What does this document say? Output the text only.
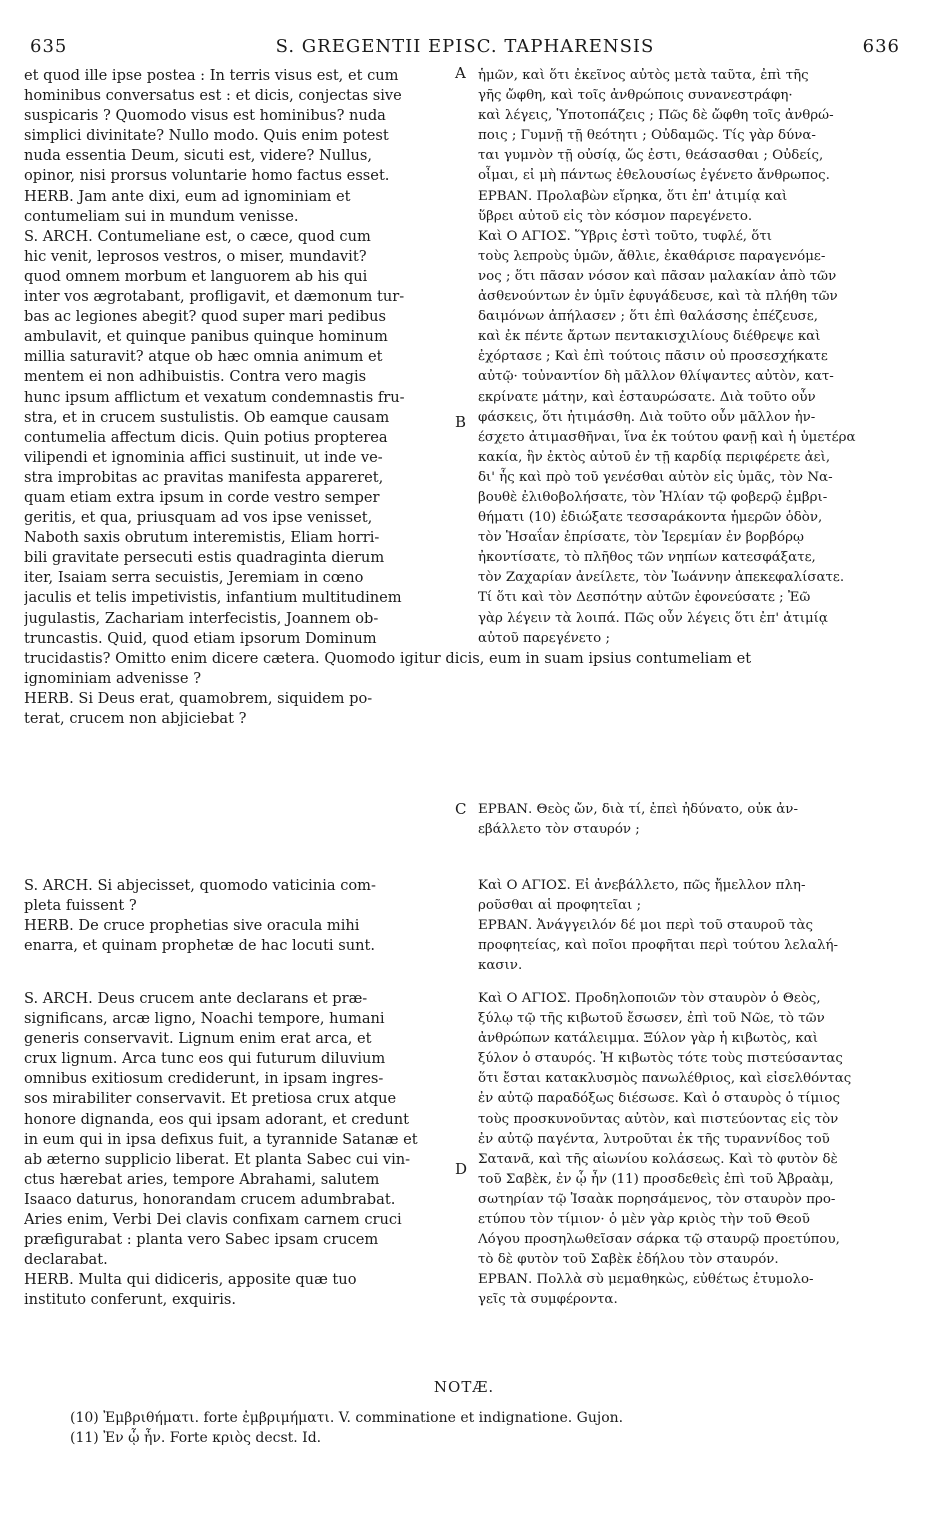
635	S. GREGENTII EPISC. TAPHARENSIS	636
A
B
C
D
et quod ille ipse postea : In terris visus est, et cum
hominibus conversatus est : et dicis, conjectas sive
suspicaris ? Quomodo visus est hominibus? nuda
simplici divinitate? Nullo modo. Quis enim potest
nuda essentia Deum, sicuti est, videre? Nullus,
opinor, nisi prorsus voluntarie homo factus esset.
HERB. Jam ante dixi, eum ad ignominiam et
contumeliam sui in mundum venisse.
S. ARCH. Contumeliane est, o cæce, quod cum
hic venit, leprosos vestros, o miser, mundavit?
quod omnem morbum et languorem ab his qui
inter vos ægrotabant, profligavit, et dæmonum tur-
bas ac legiones abegit? quod super mari pedibus
ambulavit, et quinque panibus quinque hominum
millia saturavit? atque ob hæc omnia animum et
mentem ei non adhibuistis. Contra vero magis
hunc ipsum afflictum et vexatum condemnastis fru-
stra, et in crucem sustulistis. Ob eamque causam
contumelia affectum dicis. Quin potius propterea
vilipendi et ignominia affici sustinuit, ut inde ve-
stra improbitas ac pravitas manifesta appareret,
quam etiam extra ipsum in corde vestro semper
geritis, et qua, priusquam ad vos ipse venisset,
Naboth saxis obrutum interemistis, Eliam horri-
bili gravitate persecuti estis quadraginta dierum
iter, Isaiam serra secuistis, Jeremiam in cœno
jaculis et telis impetivistis, infantium multitudinem
jugulastis, Zachariam interfecistis, Joannem ob-
truncastis. Quid, quod etiam ipsorum Dominum
trucidastis? Omitto enim dicere cætera. Quomodo igitur dicis, eum in suam ipsius contumeliam et
ignominiam advenisse ?
HERB. Si Deus erat, quamobrem, siquidem po-
terat, crucem non abjiciebat ?
S. ARCH. Si abjecisset, quomodo vaticinia com-
pleta fuissent ?
HERB. De cruce prophetias sive oracula mihi
enarra, et quinam prophetæ de hac locuti sunt.
S. ARCH. Deus crucem ante declarans et præ-
significans, arcæ ligno, Noachi tempore, humani
generis conservavit. Lignum enim erat arca, et
crux lignum. Arca tunc eos qui futurum diluvium
omnibus exitiosum crediderunt, in ipsam ingres-
sos mirabiliter conservavit. Et pretiosa crux atque
honore dignanda, eos qui ipsam adorant, et credunt
in eum qui in ipsa defixus fuit, a tyrannide Satanæ et
ab æterno supplicio liberat. Et planta Sabec cui vin-
ctus hærebat aries, tempore Abrahami, salutem
Isaaco daturus, honorandam crucem adumbrabat.
Aries enim, Verbi Dei clavis confixam carnem cruci
præfigurabat : planta vero Sabec ipsam crucem
declarabat.
HERB. Multa qui didiceris, apposite quæ tuo
instituto conferunt, exquiris.
ἡμῶν, καὶ ὅτι ἐκεῖνος αὐτὸς μετὰ ταῦτα, ἐπὶ τῆς
γῆς ὤφθη, καὶ τοῖς ἀνθρώποις συνανεστράφη·
καὶ λέγεις, Ὑποτοπάζεις ; Πῶς δὲ ὤφθη τοῖς ἀνθρώ-
ποις ; Γυμνῇ τῇ θεότητι ; Οὐδαμῶς. Τίς γὰρ δύνα-
ται γυμνὸν τῇ οὐσίᾳ, ὥς ἐστι, θεάσασθαι ; Οὐδείς,
οἶμαι, εἰ μὴ πάντως ἐθελουσίως ἐγένετο ἄνθρωπος.
ΕΡΒΑΝ. Προλαβὼν εἴρηκα, ὅτι ἐπ' ἀτιμίᾳ καὶ
ὕβρει αὐτοῦ εἰς τὸν κόσμον παρεγένετο.
Καὶ Ο ΑΓΙΟΣ. Ὕβρις ἐστὶ τοῦτο, τυφλέ, ὅτι
τοὺς λεπροὺς ὑμῶν, ἄθλιε, ἐκαθάρισε παραγενόμε-
νος ; ὅτι πᾶσαν νόσον καὶ πᾶσαν μαλακίαν ἀπὸ τῶν
ἀσθενούντων ἐν ὑμῖν ἐφυγάδευσε, καὶ τὰ πλήθη τῶν
δαιμόνων ἀπήλασεν ; ὅτι ἐπὶ θαλάσσης ἐπέζευσε,
καὶ ἐκ πέντε ἄρτων πεντακισχιλίους διέθρεψε καὶ
ἐχόρτασε ; Καὶ ἐπὶ τούτοις πᾶσιν οὐ προσεσχήκατε
αὐτῷ· τοὐναντίον δὴ μᾶλλον θλίψαντες αὐτὸν, κατ-
εκρίνατε μάτην, καὶ ἐσταυρώσατε. Διὰ τοῦτο οὖν
φάσκεις, ὅτι ἠτιμάσθη. Διὰ τοῦτο οὖν μᾶλλον ἠν-
έσχετο ἀτιμασθῆναι, ἵνα ἐκ τούτου φανῇ καὶ ἡ ὑμετέρα
κακία, ἣν ἐκτὸς αὐτοῦ ἐν τῇ καρδίᾳ περιφέρετε ἀεὶ,
δι' ἧς καὶ πρὸ τοῦ γενέσθαι αὐτὸν εἰς ὑμᾶς, τὸν Να-
βουθὲ ἐλιθοβολήσατε, τὸν Ἠλίαν τῷ φοβερῷ ἐμβρι-
θήματι (10) ἐδιώξατε τεσσαράκοντα ἡμερῶν ὁδὸν,
τὸν Ἡσαΐαν ἐπρίσατε, τὸν Ἱερεμίαν ἐν βορβόρῳ
ἠκοντίσατε, τὸ πλῆθος τῶν νηπίων κατεσφάξατε,
τὸν Ζαχαρίαν ἀνείλετε, τὸν Ἰωάννην ἀπεκεφαλίσατε.
Τί ὅτι καὶ τὸν Δεσπότην αὐτῶν ἐφονεύσατε ; Ἐῶ
γὰρ λέγειν τὰ λοιπά. Πῶς οὖν λέγεις ὅτι ἐπ' ἀτιμίᾳ
αὐτοῦ παρεγένετο ;
ΕΡΒΑΝ. Θεὸς ὤν, διὰ τί, ἐπεὶ ἠδύνατο, οὐκ ἀν-
εβάλλετο τὸν σταυρόν ;
Καὶ Ο ΑΓΙΟΣ. Εἰ ἀνεβάλλετο, πῶς ἤμελλον πλη-
ροῦσθαι αἱ προφητεῖαι ;
ΕΡΒΑΝ. Ἀνάγγειλόν δέ μοι περὶ τοῦ σταυροῦ τὰς
προφητείας, καὶ ποῖοι προφῆται περὶ τούτου λελαλή-
κασιν.
Καὶ Ο ΑΓΙΟΣ. Προδηλοποιῶν τὸν σταυρὸν ὁ Θεὸς,
ξύλῳ τῷ τῆς κιβωτοῦ ἔσωσεν, ἐπὶ τοῦ Νῶε, τὸ τῶν
ἀνθρώπων κατάλειμμα. Ξύλον γὰρ ἡ κιβωτὸς, καὶ
ξύλον ὁ σταυρός. Ἡ κιβωτὸς τότε τοὺς πιστεύσαντας
ὅτι ἔσται κατακλυσμὸς πανωλέθριος, καὶ εἰσελθόντας
ἐν αὐτῷ παραδόξως διέσωσε. Καὶ ὁ σταυρὸς ὁ τίμιος
τοὺς προσκυνοῦντας αὐτὸν, καὶ πιστεύοντας εἰς τὸν
ἐν αὐτῷ παγέντα, λυτροῦται ἐκ τῆς τυραννίδος τοῦ
Σατανᾶ, καὶ τῆς αἰωνίου κολάσεως. Καὶ τὸ φυτὸν δὲ
τοῦ Σαβὲκ, ἐν ᾧ ἦν (11) προσδεθεὶς ἐπὶ τοῦ Ἀβραὰμ,
σωτηρίαν τῷ Ἰσαὰκ πορησάμενος, τὸν σταυρὸν προ-
ετύπου τὸν τίμιον· ὁ μὲν γὰρ κριὸς τὴν τοῦ Θεοῦ
Λόγου προσηλωθεῖσαν σάρκα τῷ σταυρῷ προετύπου,
τὸ δὲ φυτὸν τοῦ Σαβὲκ ἐδήλου τὸν σταυρόν.
ΕΡΒΑΝ. Πολλὰ σὺ μεμαθηκὼς, εὐθέτως ἐτυμολο-
γεῖς τὰ συμφέροντα.
NOTÆ.
(10) Ἐμβριθήματι. forte ἐμβριμήματι. V. comminatione et indignatione. Gujon.
(11) Ἐν ᾧ ἦν. Forte κριὸς decst. Id.
